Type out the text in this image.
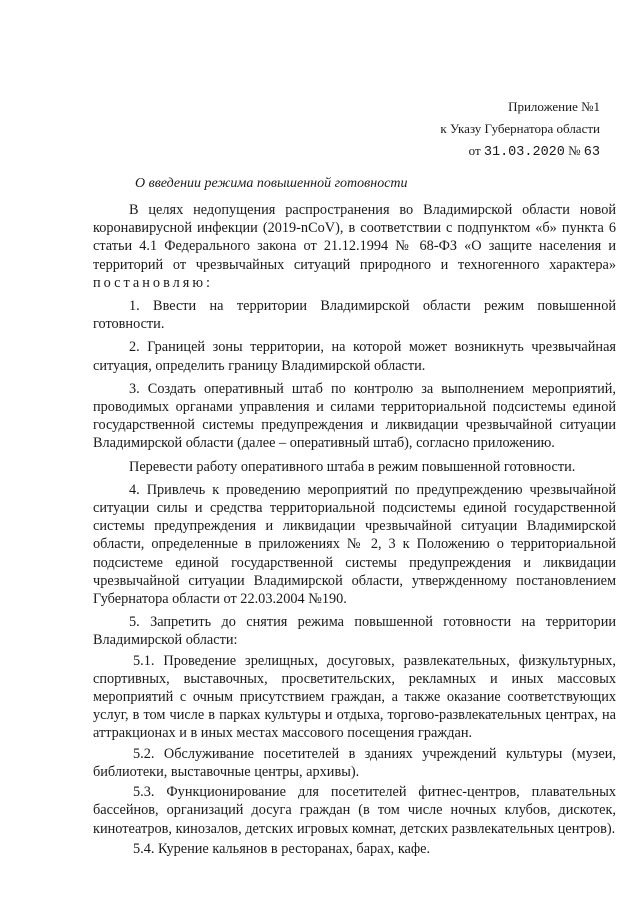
Приложение №1
к Указу Губернатора области
от 31.03.2020 № 63
О введении режима повышенной готовности

В целях недопущения распространения во Владимирской области новой коронавирусной инфекции (2019-nCoV), в соответствии с подпунктом «б» пункта 6 статьи 4.1 Федерального закона от 21.12.1994 № 68-ФЗ «О защите населения и территорий от чрезвычайных ситуаций природного и техногенного характера» постановляю:

1. Ввести на территории Владимирской области режим повышенной готовности.

2. Границей зоны территории, на которой может возникнуть чрезвычайная ситуация, определить границу Владимирской области.

3. Создать оперативный штаб по контролю за выполнением мероприятий, проводимых органами управления и силами территориальной подсистемы единой государственной системы предупреждения и ликвидации чрезвычайной ситуации Владимирской области (далее – оперативный штаб), согласно приложению.

Перевести работу оперативного штаба в режим повышенной готовности.

4. Привлечь к проведению мероприятий по предупреждению чрезвычайной ситуации силы и средства территориальной подсистемы единой государственной системы предупреждения и ликвидации чрезвычайной ситуации Владимирской области, определенные в приложениях № 2, 3 к Положению о территориальной подсистеме единой государственной системы предупреждения и ликвидации чрезвычайной ситуации Владимирской области, утвержденному постановлением Губернатора области от 22.03.2004 №190.

5. Запретить до снятия режима повышенной готовности на территории Владимирской области:

5.1. Проведение зрелищных, досуговых, развлекательных, физкультурных, спортивных, выставочных, просветительских, рекламных и иных массовых мероприятий с очным присутствием граждан, а также оказание соответствующих услуг, в том числе в парках культуры и отдыха, торгово-развлекательных центрах, на аттракционах и в иных местах массового посещения граждан.

5.2. Обслуживание посетителей в зданиях учреждений культуры (музеи, библиотеки, выставочные центры, архивы).

5.3. Функционирование для посетителей фитнес-центров, плавательных бассейнов, организаций досуга граждан (в том числе ночных клубов, дискотек, кинотеатров, кинозалов, детских игровых комнат, детских развлекательных центров).

5.4. Курение кальянов в ресторанах, барах, кафе.
